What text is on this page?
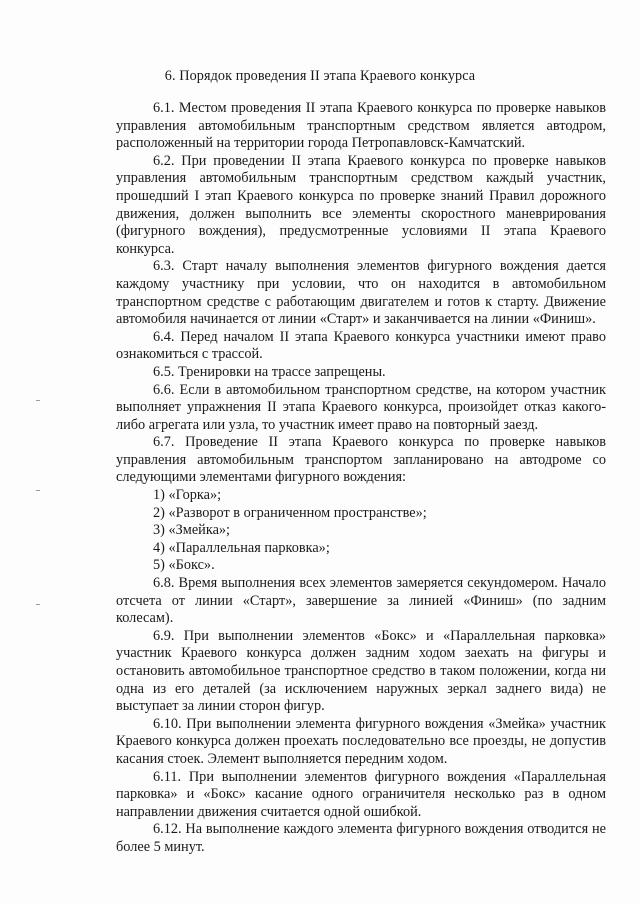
6. Порядок проведения II этапа Краевого конкурса

6.1. Местом проведения II этапа Краевого конкурса по проверке навыков управления автомобильным транспортным средством является автодром, расположенный на территории города Петропавловск-Камчатский.

6.2. При проведении II этапа Краевого конкурса по проверке навыков управления автомобильным транспортным средством каждый участник, прошедший I этап Краевого конкурса по проверке знаний Правил дорожного движения, должен выполнить все элементы скоростного маневрирования (фигурного вождения), предусмотренные условиями II этапа Краевого конкурса.

6.3. Старт началу выполнения элементов фигурного вождения дается каждому участнику при условии, что он находится в автомобильном транспортном средстве с работающим двигателем и готов к старту. Движение автомобиля начинается от линии «Старт» и заканчивается на линии «Финиш».

6.4. Перед началом II этапа Краевого конкурса участники имеют право ознакомиться с трассой.

6.5. Тренировки на трассе запрещены.

6.6. Если в автомобильном транспортном средстве, на котором участник выполняет упражнения II этапа Краевого конкурса, произойдет отказ какого-либо агрегата или узла, то участник имеет право на повторный заезд.

6.7. Проведение II этапа Краевого конкурса по проверке навыков управления автомобильным транспортом запланировано на автодроме со следующими элементами фигурного вождения:

1) «Горка»;

2) «Разворот в ограниченном пространстве»;

3) «Змейка»;

4) «Параллельная парковка»;

5) «Бокс».

6.8. Время выполнения всех элементов замеряется секундомером. Начало отсчета от линии «Старт», завершение за линией «Финиш» (по задним колесам).

6.9. При выполнении элементов «Бокс» и «Параллельная парковка» участник Краевого конкурса должен задним ходом заехать на фигуры и остановить автомобильное транспортное средство в таком положении, когда ни одна из его деталей (за исключением наружных зеркал заднего вида) не выступает за линии сторон фигур.

6.10. При выполнении элемента фигурного вождения «Змейка» участник Краевого конкурса должен проехать последовательно все проезды, не допустив касания стоек. Элемент выполняется передним ходом.

6.11. При выполнении элементов фигурного вождения «Параллельная парковка» и «Бокс» касание одного ограничителя несколько раз в одном направлении движения считается одной ошибкой.

6.12. На выполнение каждого элемента фигурного вождения отводится не более 5 минут.
